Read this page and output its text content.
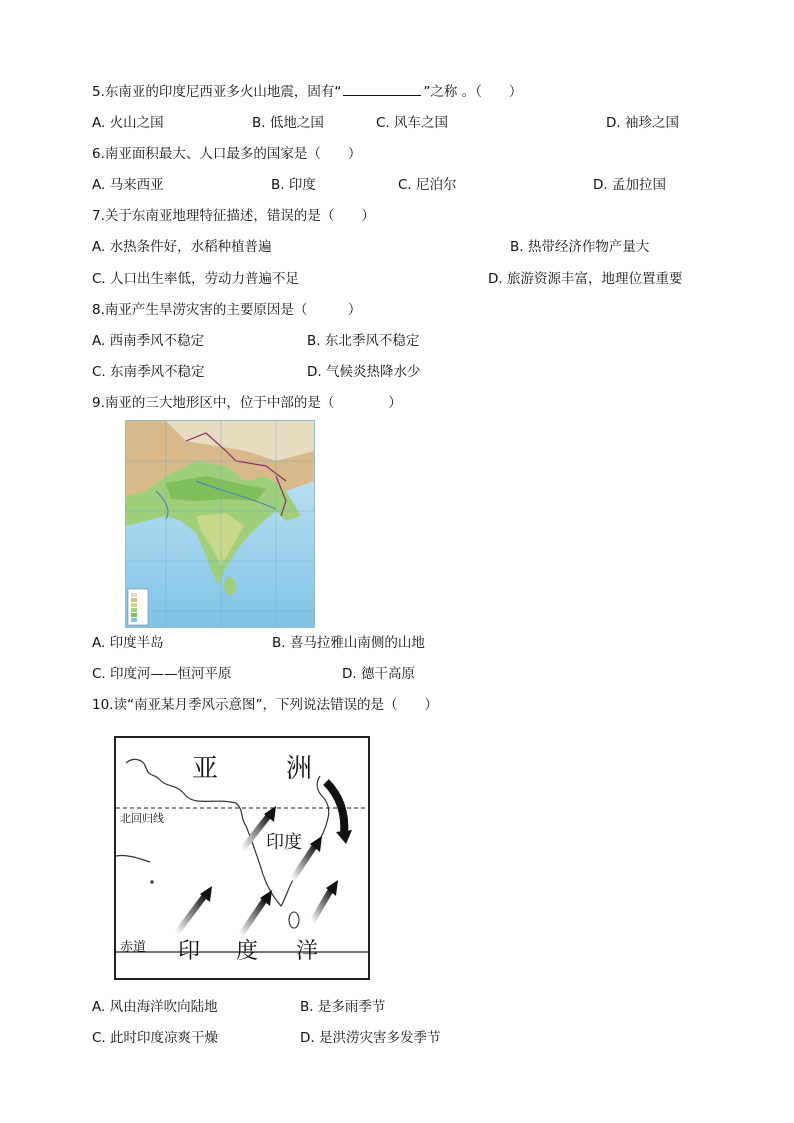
5.东南亚的印度尼西亚多火山地震，固有“	”之称 。（　　）
A. 火山之国	B. 低地之国	C. 风车之国	D. 袖珍之国
6.南亚面积最大、人口最多的国家是（　　）
A. 马来西亚	B. 印度	C. 尼泊尔	D. 孟加拉国
7.关于东南亚地理特征描述，错误的是（　　）
A. 水热条件好，水稻种植普遍	B. 热带经济作物产量大
C. 人口出生率低，劳动力普遍不足	D. 旅游资源丰富，地理位置重要
8.南亚产生旱涝灾害的主要原因是（　　　）
A. 西南季风不稳定	B. 东北季风不稳定
C. 东南季风不稳定	D. 气候炎热降水少
9.南亚的三大地形区中，位于中部的是（　　　　）
A. 印度半岛	B. 喜马拉雅山南侧的山地
C. 印度河——恒河平原	D. 德干高原
10.读“南亚某月季风示意图”，下列说法错误的是（　　）
亚	洲
北回归线
印度
赤道 印 度 洋
A. 风由海洋吹向陆地	B. 是多雨季节
C. 此时印度凉爽干燥	D. 是洪涝灾害多发季节
